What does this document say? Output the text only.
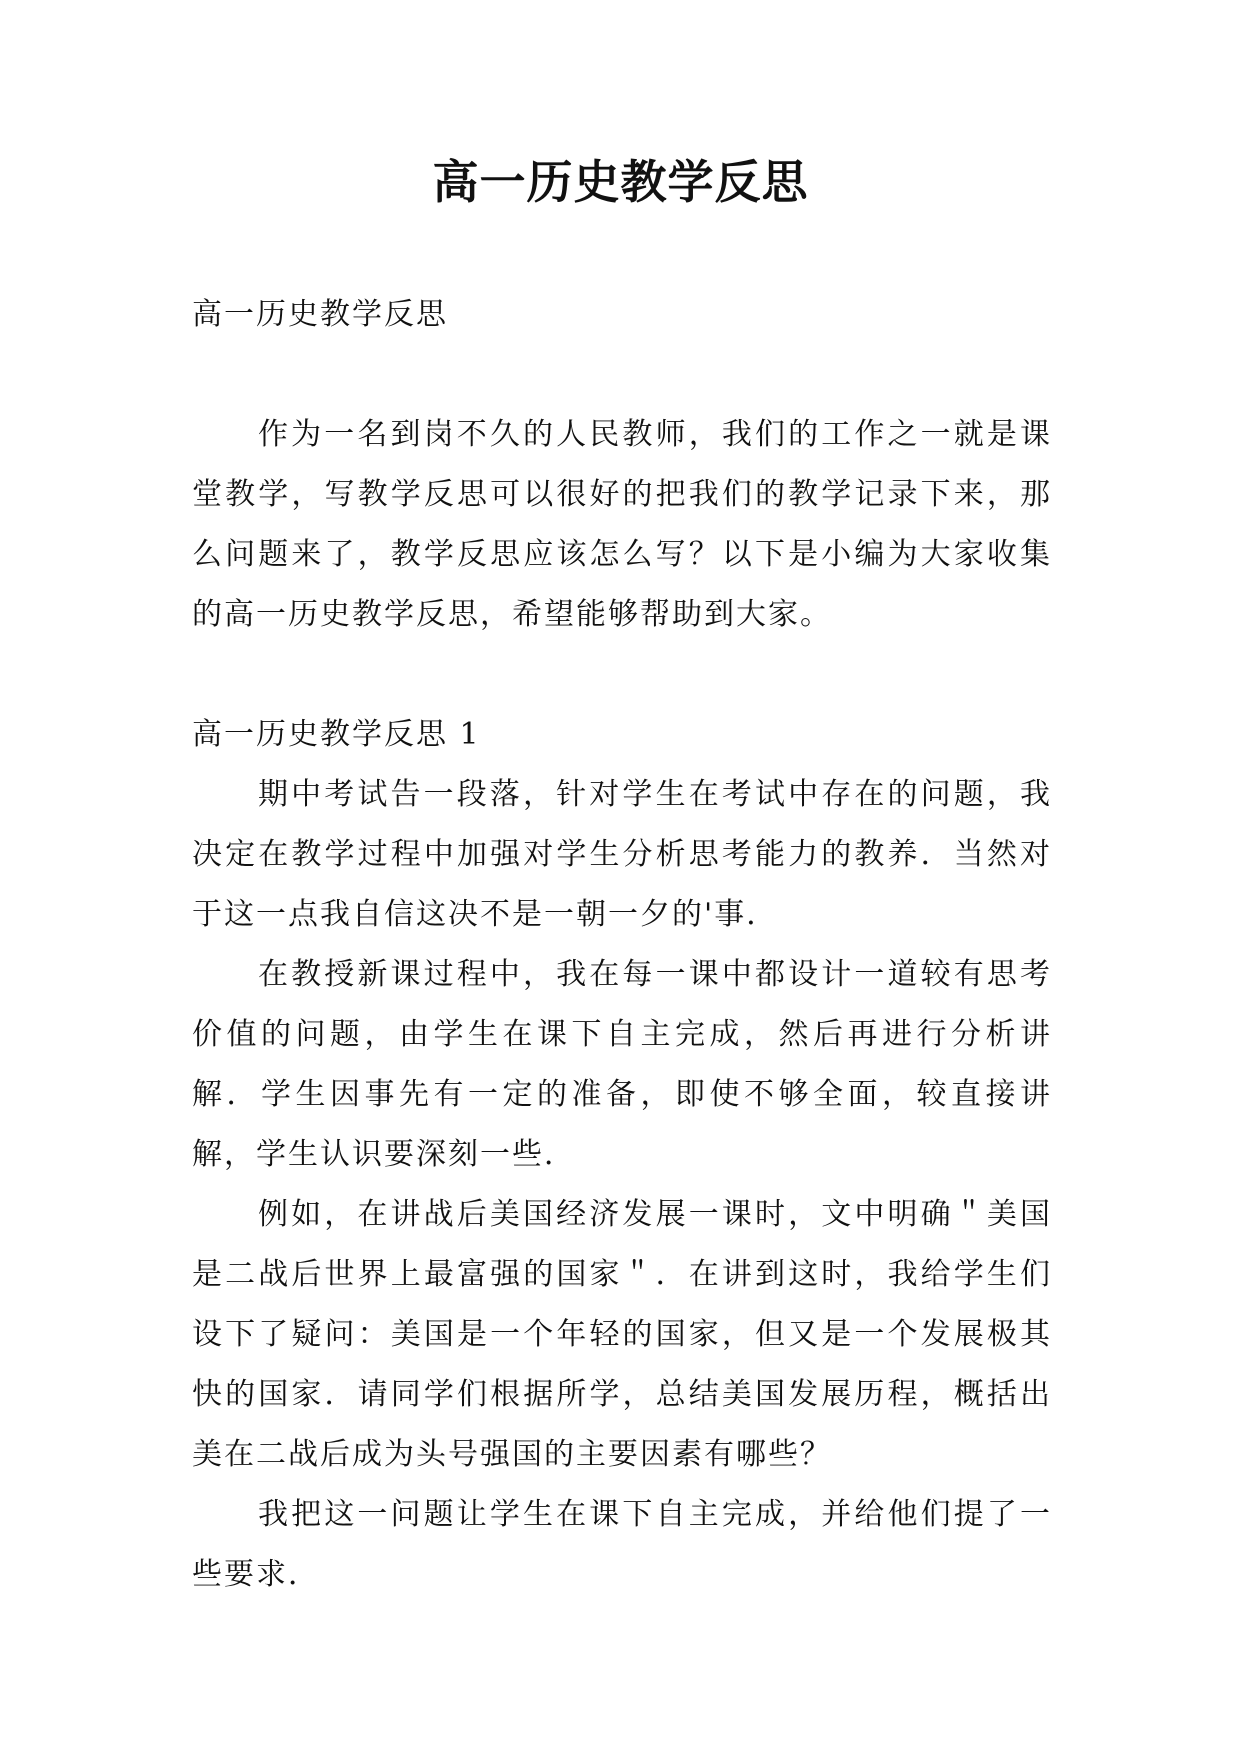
高一历史教学反思

高一历史教学反思

作为一名到岗不久的人民教师，我们的工作之一就是课堂教学，写教学反思可以很好的把我们的教学记录下来，那么问题来了，教学反思应该怎么写？以下是小编为大家收集的高一历史教学反思，希望能够帮助到大家。

高一历史教学反思 1

期中考试告一段落，针对学生在考试中存在的问题，我决定在教学过程中加强对学生分析思考能力的教养．当然对于这一点我自信这决不是一朝一夕的'事．

在教授新课过程中，我在每一课中都设计一道较有思考价值的问题，由学生在课下自主完成，然后再进行分析讲解．学生因事先有一定的准备，即使不够全面，较直接讲解，学生认识要深刻一些．

例如，在讲战后美国经济发展一课时，文中明确＂美国是二战后世界上最富强的国家＂．在讲到这时，我给学生们设下了疑问：美国是一个年轻的国家，但又是一个发展极其快的国家．请同学们根据所学，总结美国发展历程，概括出美在二战后成为头号强国的主要因素有哪些？

我把这一问题让学生在课下自主完成，并给他们提了一些要求．
